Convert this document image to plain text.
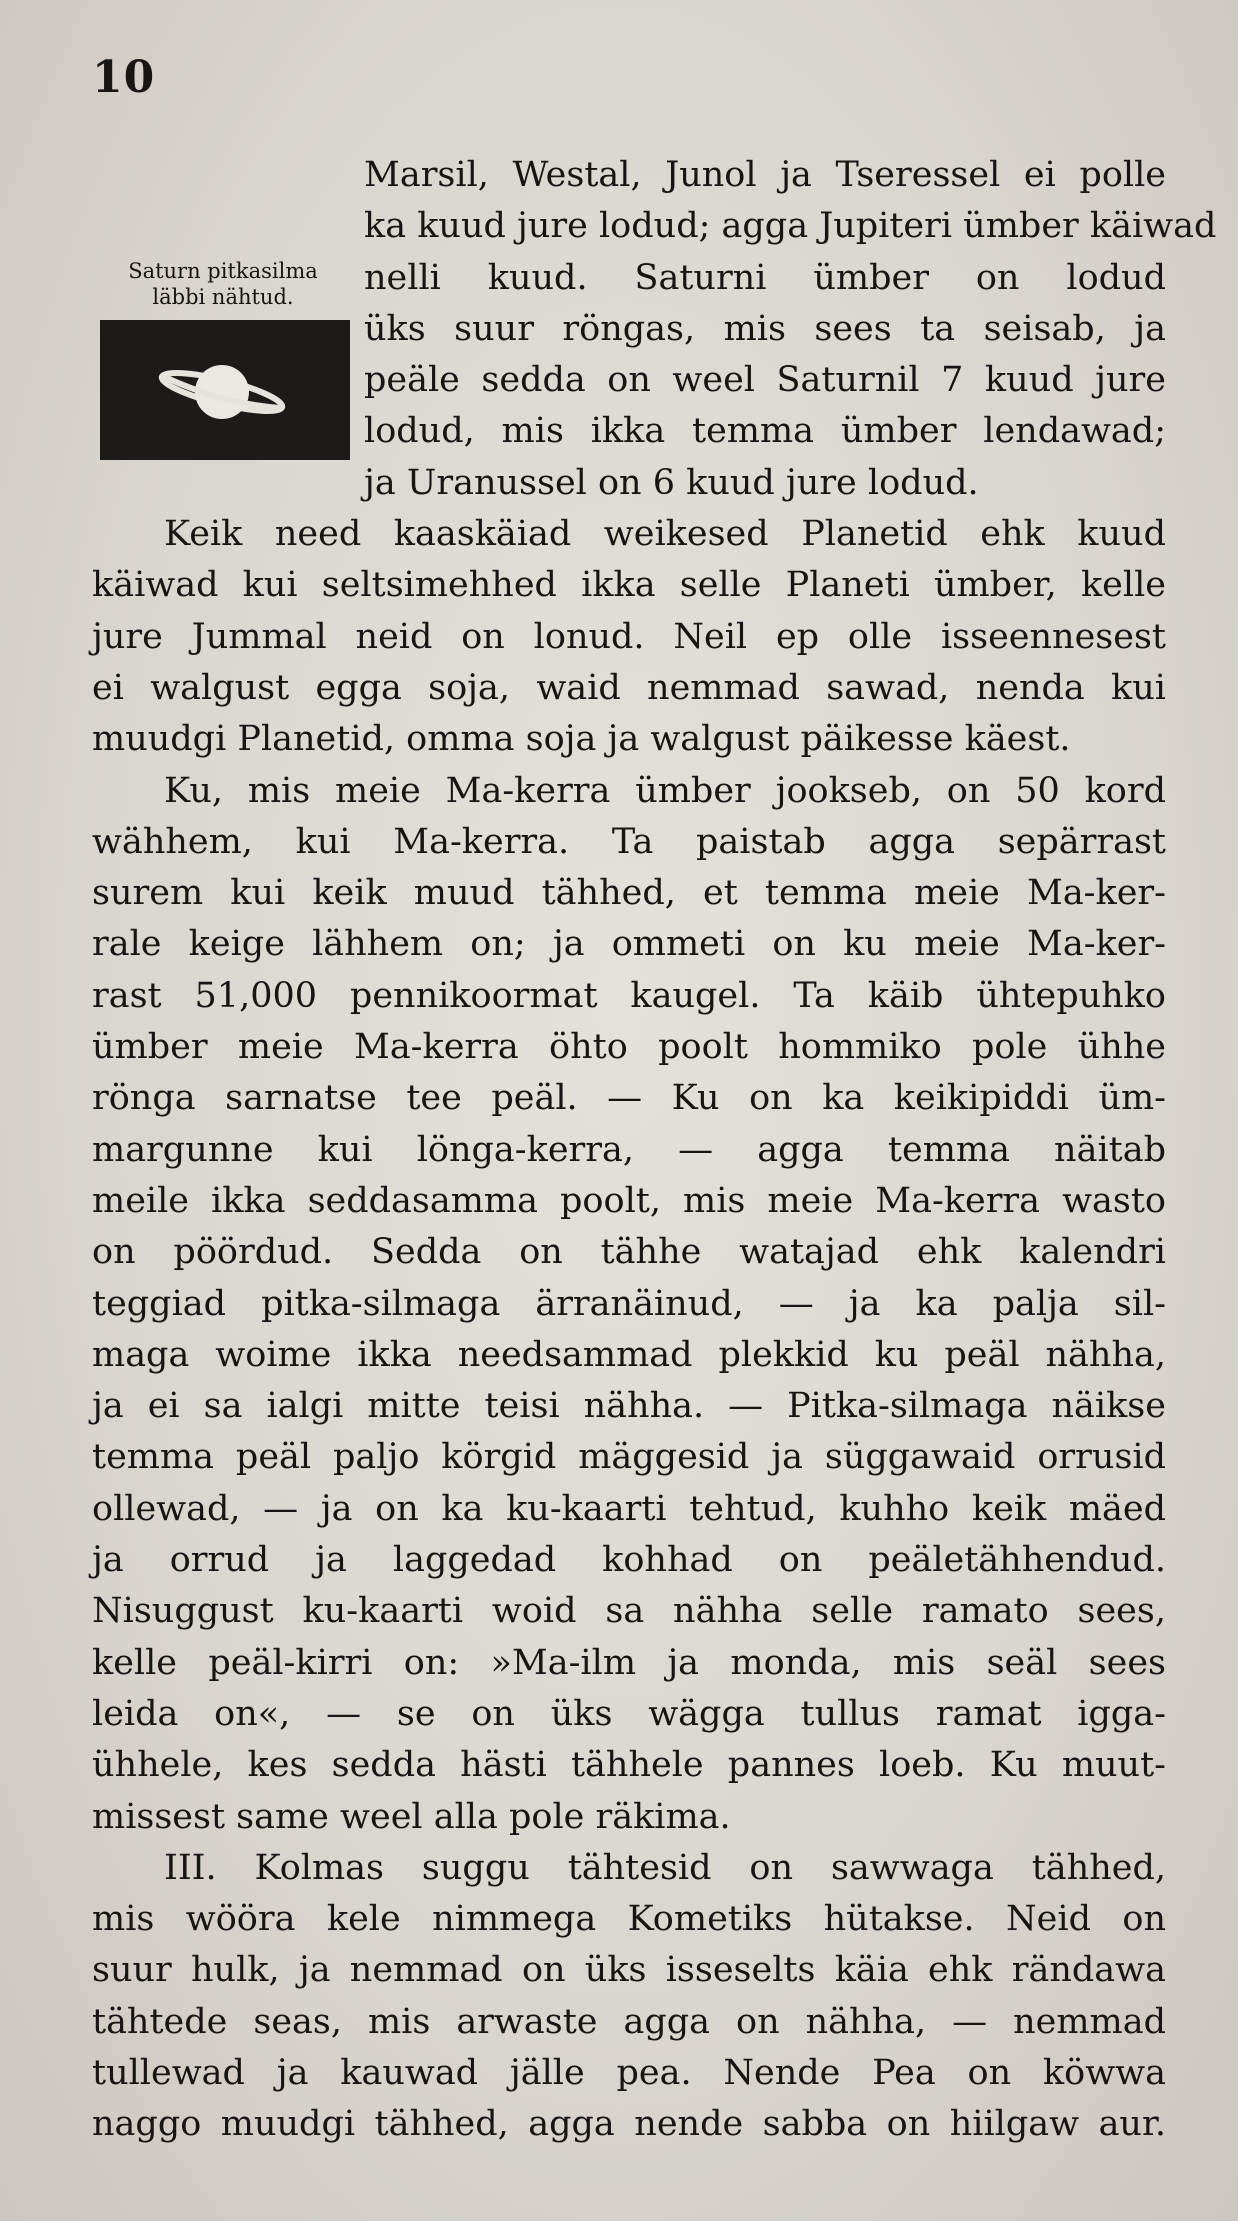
10
Saturn pitkasilma
läbbi nähtud.
Marsil, Westal, Junol ja Tseressel ei polle
ka kuud jure lodud; agga Jupiteri ümber käiwad
nelli kuud. Saturni ümber on lodud
üks suur röngas, mis sees ta seisab, ja
peäle sedda on weel Saturnil 7 kuud jure
lodud, mis ikka temma ümber lendawad;
ja Uranussel on 6 kuud jure lodud.
Keik need kaaskäiad weikesed Planetid ehk kuud
käiwad kui seltsimehhed ikka selle Planeti ümber, kelle
jure Jummal neid on lonud. Neil ep olle isseennesest
ei walgust egga soja, waid nemmad sawad, nenda kui
muudgi Planetid, omma soja ja walgust päikesse käest.
Ku, mis meie Ma-kerra ümber jookseb, on 50 kord
wähhem, kui Ma-kerra. Ta paistab agga sepärrast
surem kui keik muud tähhed, et temma meie Ma-ker-
rale keige lähhem on; ja ommeti on ku meie Ma-ker-
rast 51,000 pennikoormat kaugel. Ta käib ühtepuhko
ümber meie Ma-kerra öhto poolt hommiko pole ühhe
rönga sarnatse tee peäl. — Ku on ka keikipiddi üm-
margunne kui lönga-kerra, — agga temma näitab
meile ikka seddasamma poolt, mis meie Ma-kerra wasto
on pöördud. Sedda on tähhe watajad ehk kalendri
teggiad pitka-silmaga ärranäinud, — ja ka palja sil-
maga woime ikka needsammad plekkid ku peäl nähha,
ja ei sa ialgi mitte teisi nähha. — Pitka-silmaga näikse
temma peäl paljo körgid mäggesid ja süggawaid orrusid
ollewad, — ja on ka ku-kaarti tehtud, kuhho keik mäed
ja orrud ja laggedad kohhad on peäletähhendud.
Nisuggust ku-kaarti woid sa nähha selle ramato sees,
kelle peäl-kirri on: »Ma-ilm ja monda, mis seäl sees
leida on«, — se on üks wägga tullus ramat igga-
ühhele, kes sedda hästi tähhele pannes loeb. Ku muut-
missest same weel alla pole räkima.
III. Kolmas suggu tähtesid on sawwaga tähhed,
mis wööra kele nimmega Kometiks hütakse. Neid on
suur hulk, ja nemmad on üks isseselts käia ehk rändawa
tähtede seas, mis arwaste agga on nähha, — nemmad
tullewad ja kauwad jälle pea. Nende Pea on köwwa
naggo muudgi tähhed, agga nende sabba on hiilgaw aur.
